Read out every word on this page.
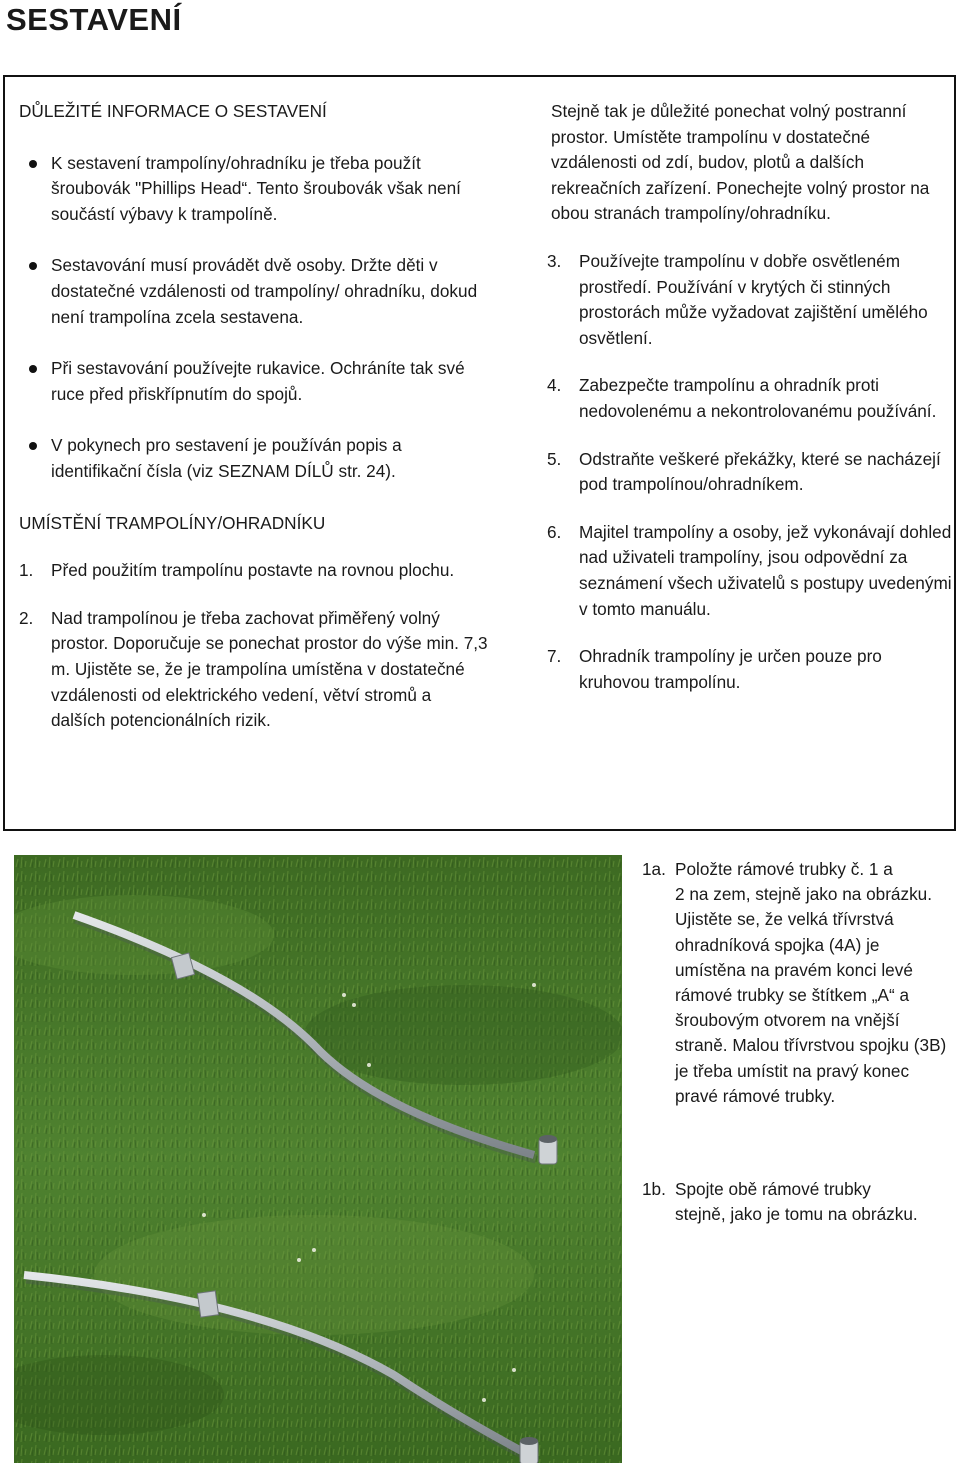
SESTAVENÍ
DŮLEŽITÉ INFORMACE O SESTAVENÍ
K sestavení trampolíny/ohradníku je třeba použít šroubovák "Phillips Head“. Tento šroubovák však není součástí výbavy k trampolíně.
Sestavování musí provádět dvě osoby. Držte děti v dostatečné vzdálenosti od trampolíny/ ohradníku, dokud není trampolína zcela sestavena.
Při sestavování používejte rukavice. Ochráníte tak své ruce před přiskřípnutím do spojů.
V pokynech pro sestavení je používán popis a identifikační čísla (viz SEZNAM DÍLŮ str. 24).
UMÍSTĚNÍ TRAMPOLÍNY/OHRADNÍKU
1. Před použitím trampolínu postavte na rovnou plochu.
2. Nad trampolínou je třeba zachovat přiměřený volný prostor. Doporučuje se ponechat prostor do výše min. 7,3 m. Ujistěte se, že je trampolína umístěna v dostatečné vzdálenosti od elektrického vedení, větví stromů a dalších potencionálních rizik.
Stejně tak je důležité ponechat volný postranní prostor. Umístěte trampolínu v dostatečné vzdálenosti od zdí, budov, plotů a dalších rekreačních zařízení. Ponechejte volný prostor na obou stranách trampolíny/ohradníku.
3. Používejte trampolínu v dobře osvětleném prostředí. Používání v krytých či stinných prostorách může vyžadovat zajištění umělého osvětlení.
4. Zabezpečte trampolínu a ohradník proti nedovolenému a nekontrolovanému používání.
5. Odstraňte veškeré překážky, které se nacházejí pod trampolínou/ohradníkem.
6. Majitel trampolíny a osoby, jež vykonávají dohled nad uživateli trampolíny, jsou odpovědní za seznámení všech uživatelů s postupy uvedenými v tomto manuálu.
7. Ohradník trampolíny je určen pouze pro kruhovou trampolínu.
1a. Položte rámové trubky č. 1 a
2 na zem, stejně jako na obrázku. Ujistěte se, že velká třívrstvá ohradníková spojka (4A) je umístěna na pravém konci levé rámové trubky se štítkem „A“ a šroubovým otvorem na vnější straně. Malou třívrstvou spojku (3B) je třeba umístit na pravý konec pravé rámové trubky.
1b. Spojte obě rámové trubky
stejně, jako je tomu na obrázku.
